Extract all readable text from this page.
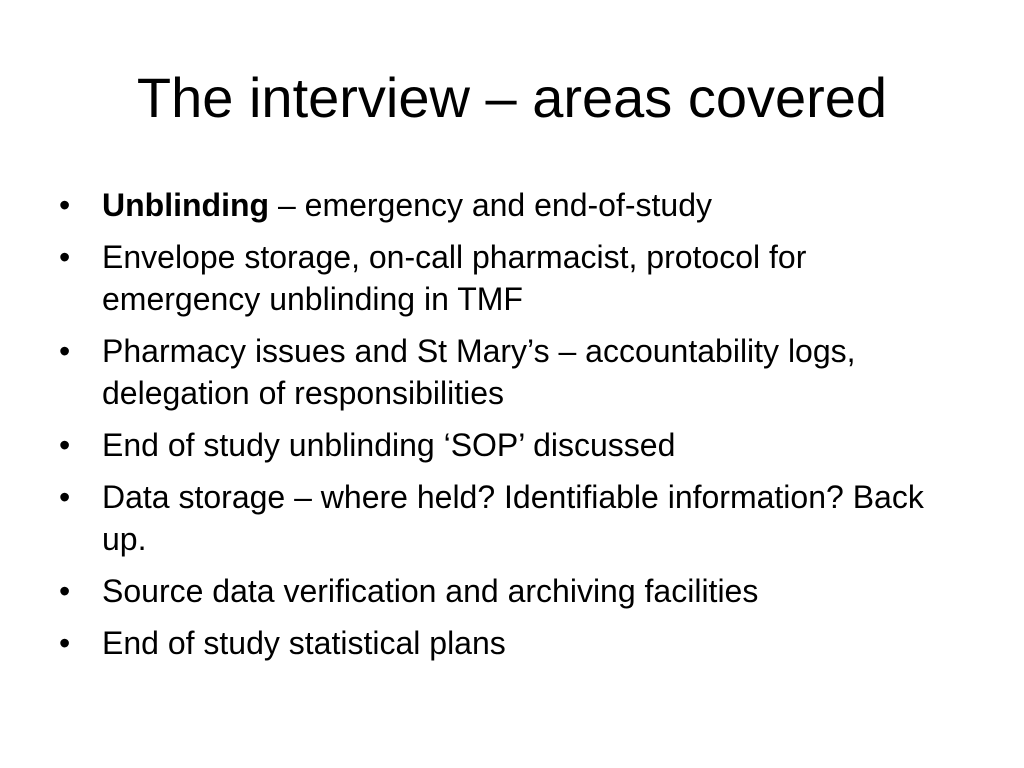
The interview – areas covered
• Unblinding – emergency and end-of-study
• Envelope storage, on-call pharmacist, protocol for emergency unblinding in TMF
• Pharmacy issues and St Mary’s – accountability logs, delegation of responsibilities
• End of study unblinding ‘SOP’ discussed
• Data storage – where held? Identifiable information? Back up.
• Source data verification and archiving facilities
• End of study statistical plans
